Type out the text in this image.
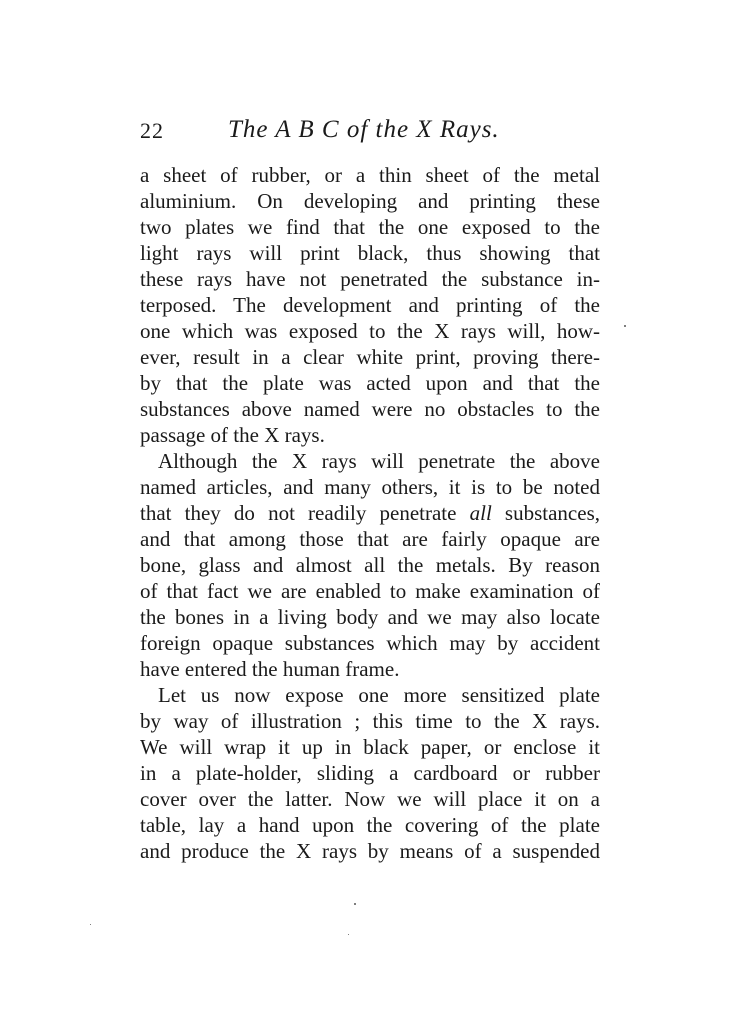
22	The A B C of the X Rays.
a sheet of rubber, or a thin sheet of the metal
aluminium. On developing and printing these
two plates we find that the one exposed to the
light rays will print black, thus showing that
these rays have not penetrated the substance in-
terposed. The development and printing of the
one which was exposed to the X rays will, how-
ever, result in a clear white print, proving there-
by that the plate was acted upon and that the
substances above named were no obstacles to the
passage of the X rays.
Although the X rays will penetrate the above
named articles, and many others, it is to be noted
that they do not readily penetrate all substances,
and that among those that are fairly opaque are
bone, glass and almost all the metals. By reason
of that fact we are enabled to make examination of
the bones in a living body and we may also locate
foreign opaque substances which may by accident
have entered the human frame.
Let us now expose one more sensitized plate
by way of illustration ; this time to the X rays.
We will wrap it up in black paper, or enclose it
in a plate-holder, sliding a cardboard or rubber
cover over the latter. Now we will place it on a
table, lay a hand upon the covering of the plate
and produce the X rays by means of a suspended
